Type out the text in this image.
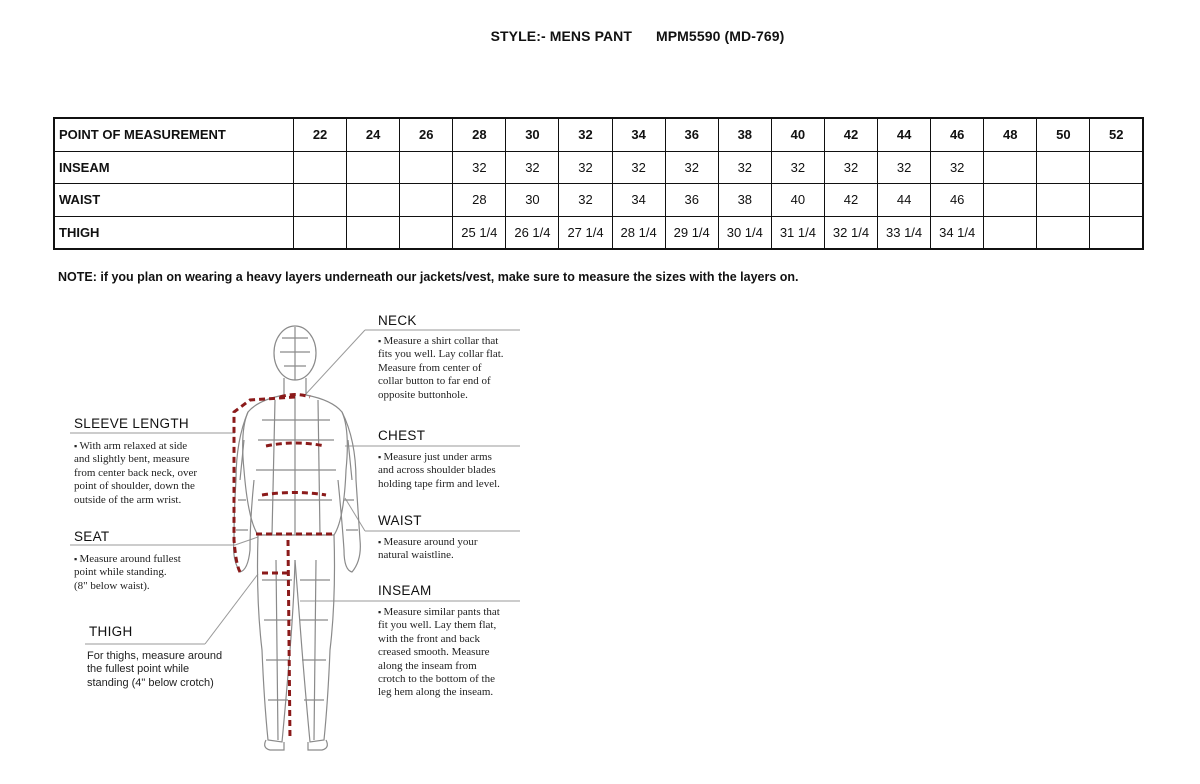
STYLE:- MENS PANT      MPM5590 (MD-769)
POINT OF MEASUREMENT	22	24	26	28	30	32	34	36	38	40	42	44	46	48	50	52
INSEAM				32	32	32	32	32	32	32	32	32	32			
WAIST				28	30	32	34	36	38	40	42	44	46			
THIGH				25 1/4	26 1/4	27 1/4	28 1/4	29 1/4	30 1/4	31 1/4	32 1/4	33 1/4	34 1/4			
NOTE: if you plan on wearing a heavy layers underneath our jackets/vest, make sure to measure the sizes with the layers on.
NECK
▪ Measure a shirt collar that
fits you well. Lay collar flat.
Measure from center of
collar button to far end of
opposite buttonhole.
CHEST
▪ Measure just under arms
and across shoulder blades
holding tape firm and level.
WAIST
▪ Measure around your
natural waistline.
INSEAM
▪ Measure similar pants that
fit you well. Lay them flat,
with the front and back
creased smooth. Measure
along the inseam from
crotch to the bottom of the
leg hem along the inseam.
SLEEVE LENGTH
▪ With arm relaxed at side
and slightly bent, measure
from center back neck, over
point of shoulder, down the
outside of the arm wrist.
SEAT
▪ Measure around fullest
point while standing.
(8" below waist).
THIGH
For thighs, measure around
the fullest point while
standing (4" below crotch)
